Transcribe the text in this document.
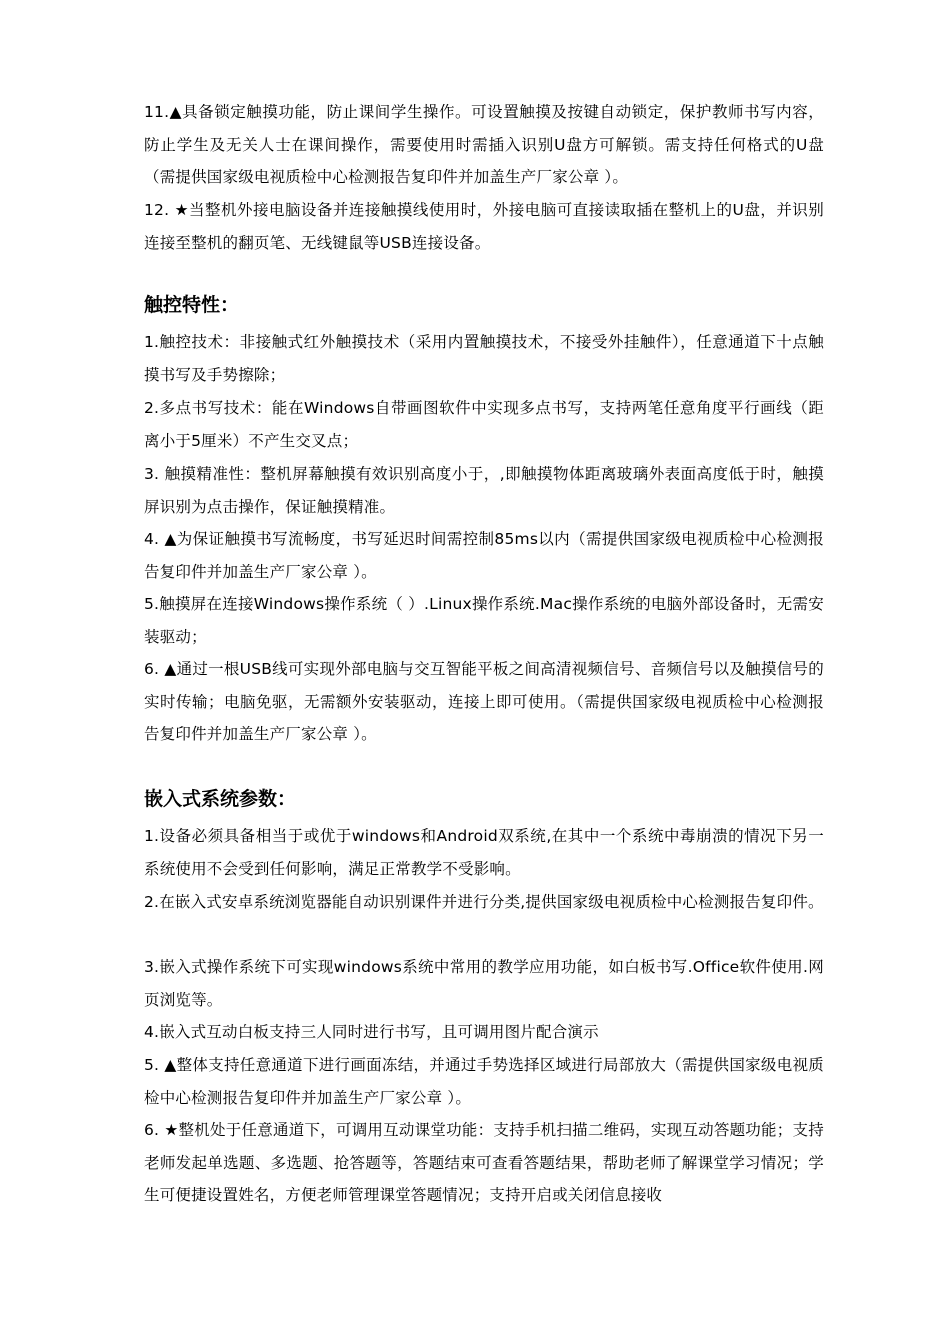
11.▲具备锁定触摸功能，防止课间学生操作。可设置触摸及按键自动锁定，保护教师书写内容，防止学生及无关人士在课间操作，需要使用时需插入识别U盘方可解锁。需支持任何格式的U盘（需提供国家级电视质检中心检测报告复印件并加盖生产厂家公章 ）。

12. ★当整机外接电脑设备并连接触摸线使用时，外接电脑可直接读取插在整机上的U盘，并识别连接至整机的翻页笔、无线键鼠等USB连接设备。

触控特性：

1.触控技术：非接触式红外触摸技术（采用内置触摸技术，不接受外挂触件），任意通道下十点触摸书写及手势擦除；

2.多点书写技术：能在Windows自带画图软件中实现多点书写，支持两笔任意角度平行画线（距离小于5厘米）不产生交叉点；

3. 触摸精准性：整机屏幕触摸有效识别高度小于，,即触摸物体距离玻璃外表面高度低于时，触摸屏识别为点击操作，保证触摸精准。

4. ▲为保证触摸书写流畅度，书写延迟时间需控制85ms以内（需提供国家级电视质检中心检测报告复印件并加盖生产厂家公章 ）。

5.触摸屏在连接Windows操作系统（ ）.Linux操作系统.Mac操作系统的电脑外部设备时，无需安装驱动；

6. ▲通过一根USB线可实现外部电脑与交互智能平板之间高清视频信号、音频信号以及触摸信号的实时传输；电脑免驱，无需额外安装驱动，连接上即可使用。（需提供国家级电视质检中心检测报告复印件并加盖生产厂家公章 ）。

嵌入式系统参数：

1.设备必须具备相当于或优于windows和Android双系统,在其中一个系统中毒崩溃的情况下另一系统使用不会受到任何影响，满足正常教学不受影响。

2.在嵌入式安卓系统浏览器能自动识别课件并进行分类,提供国家级电视质检中心检测报告复印件。

3.嵌入式操作系统下可实现windows系统中常用的教学应用功能，如白板书写.Office软件使用.网页浏览等。

4.嵌入式互动白板支持三人同时进行书写，且可调用图片配合演示

5. ▲整体支持任意通道下进行画面冻结，并通过手势选择区域进行局部放大（需提供国家级电视质检中心检测报告复印件并加盖生产厂家公章 ）。

6. ★整机处于任意通道下，可调用互动课堂功能：支持手机扫描二维码，实现互动答题功能；支持老师发起单选题、多选题、抢答题等，答题结束可查看答题结果，帮助老师了解课堂学习情况；学生可便捷设置姓名，方便老师管理课堂答题情况；支持开启或关闭信息接收
